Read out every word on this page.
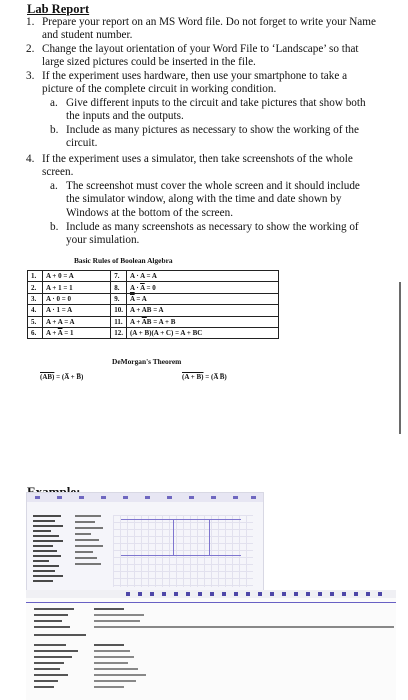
Lab Report
1. Prepare your report on an MS Word file. Do not forget to write your Name and student number.
2. Change the layout orientation of your Word File to ‘Landscape’ so that large sized pictures could be inserted in the file.
3. If the experiment uses hardware, then use your smartphone to take a picture of the complete circuit in working condition.
a. Give different inputs to the circuit and take pictures that show both the inputs and the outputs.
b. Include as many pictures as necessary to show the working of the circuit.
4. If the experiment uses a simulator, then take screenshots of the whole screen.
a. The screenshot must cover the whole screen and it should include the simulator window, along with the time and date shown by Windows at the bottom of the screen.
b. Include as many screenshots as necessary to show the working of your simulation.
Basic Rules of Boolean Algebra
1.	A + 0 = A	7.	A · A = A
2.	A + 1 = 1	8.	$A \cdot \overline{A} = 0$
3.	A · 0 = 0	9.	A = A
4.	A · 1 = A	10.	A + AB = A
5.	A + A = A	11.	$A + \overline{A}B = A + B$
6.	$A + \overline{A} = 1$	12.	(A + B)(A + C) = A + BC
DeMorgan's Theorem
(AB) = (A̅ + B̅)	(A + B) = (A̅ B̅)
